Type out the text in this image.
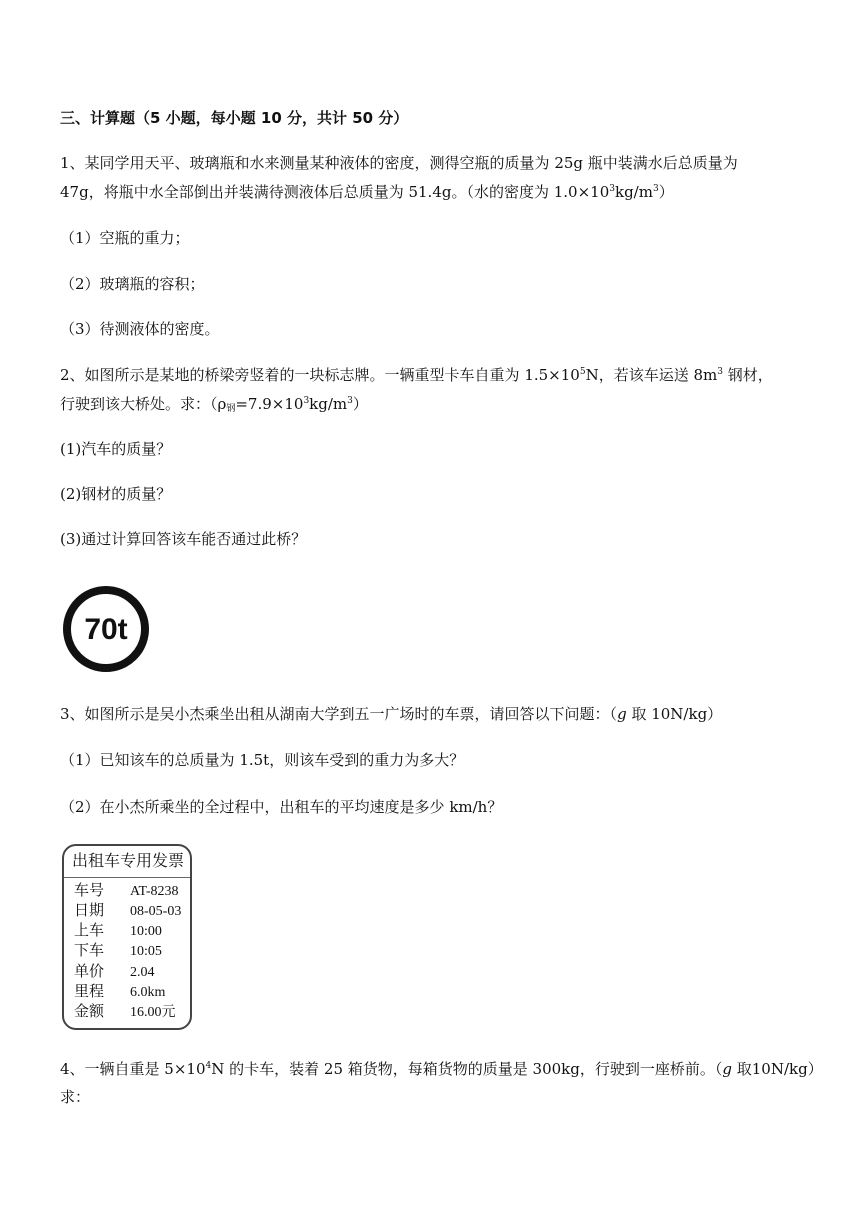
三、计算题（5 小题，每小题 10 分，共计 50 分）
1、某同学用天平、玻璃瓶和水来测量某种液体的密度，测得空瓶的质量为 25g 瓶中装满水后总质量为
47g，将瓶中水全部倒出并装满待测液体后总质量为 51.4g。（水的密度为 $1.0\times 10^3kg/m^3$）
（1）空瓶的重力；
（2）玻璃瓶的容积；
（3）待测液体的密度。
2、如图所示是某地的桥梁旁竖着的一块标志牌。一辆重型卡车自重为 $1.5\times 10^5N$，若该车运送 $8m^3$ 钢材，
行驶到该大桥处。求：$(\rho_钢=7.9\times 10^3kg/m^3)$
(1)汽车的质量？
(2)钢材的质量？
(3)通过计算回答该车能否通过此桥？
70t
3、如图所示是吴小杰乘坐出租从湖南大学到五一广场时的车票，请回答以下问题：（g 取 10N/kg）
（1）已知该车的总质量为 1.5t，则该车受到的重力为多大？
（2）在小杰所乘坐的全过程中，出租车的平均速度是多少 km/h？
出租车专用发票
车号 AT-8238
日期 08-05-03
上车 10:00
下车 10:05
单价 2.04
里程 6.0km
金额 16.00元
4、一辆自重是 $5\times 10^4N$ 的卡车，装着 25 箱货物，每箱货物的质量是 300kg，行驶到一座桥前。（g 取10N/kg）
求：
